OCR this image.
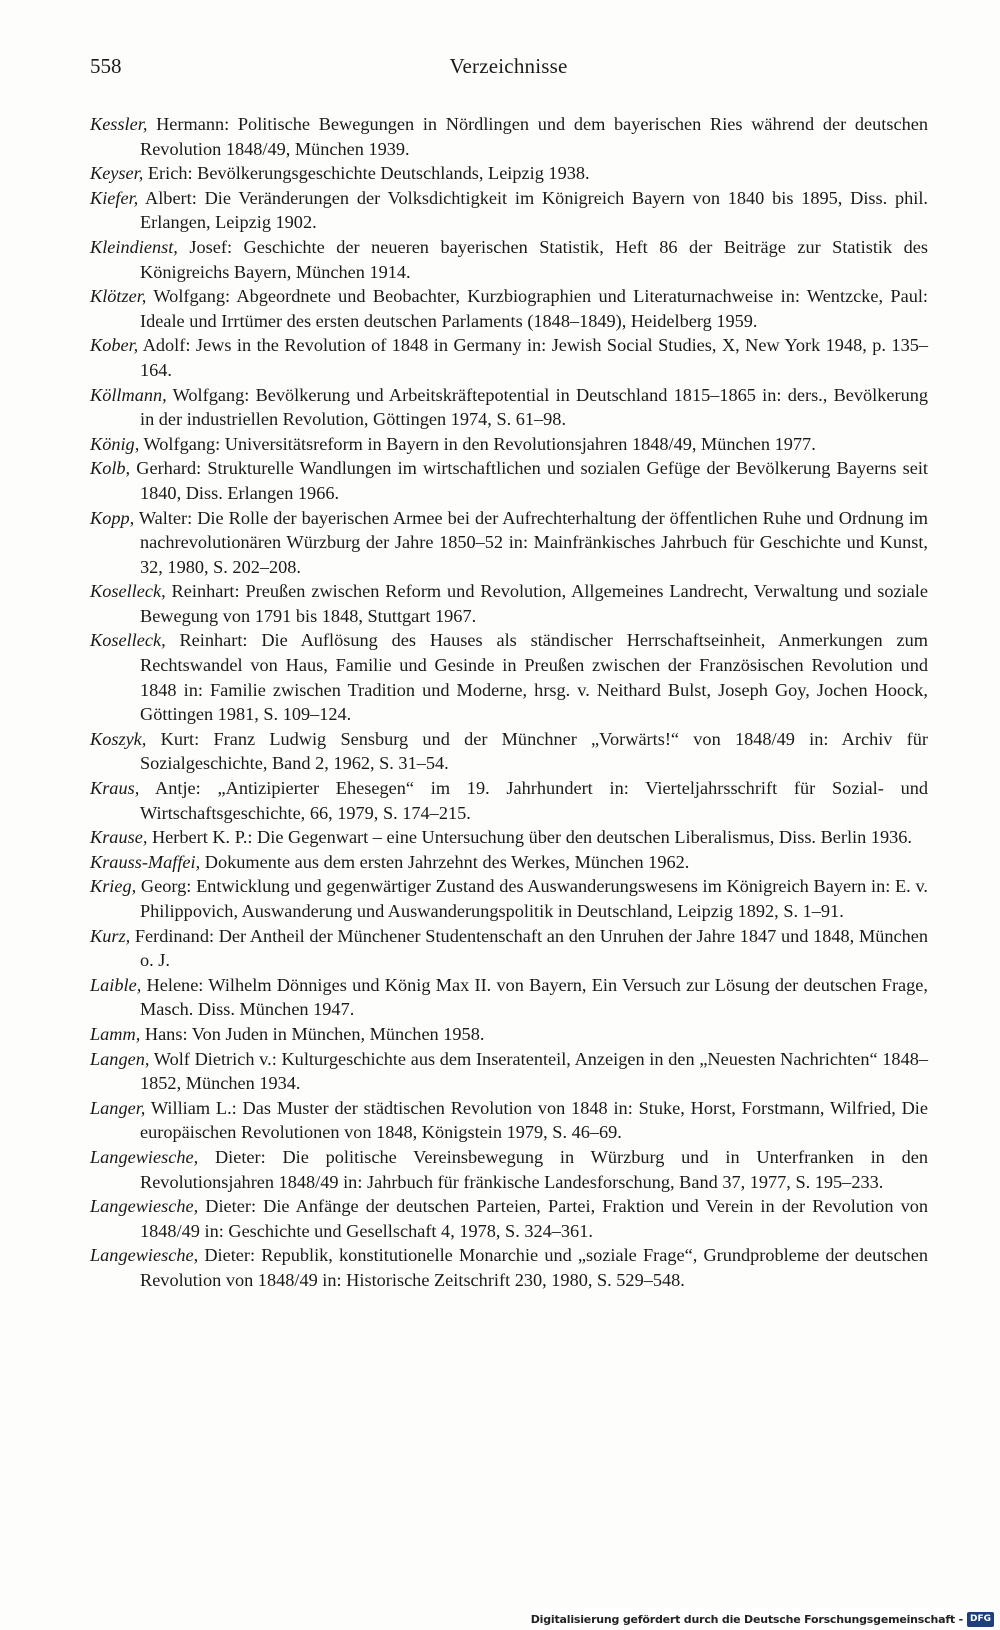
558	Verzeichnisse

Kessler, Hermann: Politische Bewegungen in Nördlingen und dem bayerischen Ries während der deutschen Revolution 1848/49, München 1939.

Keyser, Erich: Bevölkerungsgeschichte Deutschlands, Leipzig 1938.

Kiefer, Albert: Die Veränderungen der Volksdichtigkeit im Königreich Bayern von 1840 bis 1895, Diss. phil. Erlangen, Leipzig 1902.

Kleindienst, Josef: Geschichte der neueren bayerischen Statistik, Heft 86 der Beiträge zur Statistik des Königreichs Bayern, München 1914.

Klötzer, Wolfgang: Abgeordnete und Beobachter, Kurzbiographien und Literaturnachweise in: Wentzcke, Paul: Ideale und Irrtümer des ersten deutschen Parlaments (1848–1849), Heidelberg 1959.

Kober, Adolf: Jews in the Revolution of 1848 in Germany in: Jewish Social Studies, X, New York 1948, p. 135–164.

Köllmann, Wolfgang: Bevölkerung und Arbeitskräftepotential in Deutschland 1815–1865 in: ders., Bevölkerung in der industriellen Revolution, Göttingen 1974, S. 61–98.

König, Wolfgang: Universitätsreform in Bayern in den Revolutionsjahren 1848/49, München 1977.

Kolb, Gerhard: Strukturelle Wandlungen im wirtschaftlichen und sozialen Gefüge der Bevölkerung Bayerns seit 1840, Diss. Erlangen 1966.

Kopp, Walter: Die Rolle der bayerischen Armee bei der Aufrechterhaltung der öffentlichen Ruhe und Ordnung im nachrevolutionären Würzburg der Jahre 1850–52 in: Mainfränkisches Jahrbuch für Geschichte und Kunst, 32, 1980, S. 202–208.

Koselleck, Reinhart: Preußen zwischen Reform und Revolution, Allgemeines Landrecht, Verwaltung und soziale Bewegung von 1791 bis 1848, Stuttgart 1967.

Koselleck, Reinhart: Die Auflösung des Hauses als ständischer Herrschaftseinheit, Anmerkungen zum Rechtswandel von Haus, Familie und Gesinde in Preußen zwischen der Französischen Revolution und 1848 in: Familie zwischen Tradition und Moderne, hrsg. v. Neithard Bulst, Joseph Goy, Jochen Hoock, Göttingen 1981, S. 109–124.

Koszyk, Kurt: Franz Ludwig Sensburg und der Münchner „Vorwärts!“ von 1848/49 in: Archiv für Sozialgeschichte, Band 2, 1962, S. 31–54.

Kraus, Antje: „Antizipierter Ehesegen“ im 19. Jahrhundert in: Vierteljahrsschrift für Sozial- und Wirtschaftsgeschichte, 66, 1979, S. 174–215.

Krause, Herbert K. P.: Die Gegenwart – eine Untersuchung über den deutschen Liberalismus, Diss. Berlin 1936.

Krauss-Maffei, Dokumente aus dem ersten Jahrzehnt des Werkes, München 1962.

Krieg, Georg: Entwicklung und gegenwärtiger Zustand des Auswanderungswesens im Königreich Bayern in: E. v. Philippovich, Auswanderung und Auswanderungspolitik in Deutschland, Leipzig 1892, S. 1–91.

Kurz, Ferdinand: Der Antheil der Münchener Studentenschaft an den Unruhen der Jahre 1847 und 1848, München o. J.

Laible, Helene: Wilhelm Dönniges und König Max II. von Bayern, Ein Versuch zur Lösung der deutschen Frage, Masch. Diss. München 1947.

Lamm, Hans: Von Juden in München, München 1958.

Langen, Wolf Dietrich v.: Kulturgeschichte aus dem Inseratenteil, Anzeigen in den „Neuesten Nachrichten“ 1848–1852, München 1934.

Langer, William L.: Das Muster der städtischen Revolution von 1848 in: Stuke, Horst, Forstmann, Wilfried, Die europäischen Revolutionen von 1848, Königstein 1979, S. 46–69.

Langewiesche, Dieter: Die politische Vereinsbewegung in Würzburg und in Unterfranken in den Revolutionsjahren 1848/49 in: Jahrbuch für fränkische Landesforschung, Band 37, 1977, S. 195–233.

Langewiesche, Dieter: Die Anfänge der deutschen Parteien, Partei, Fraktion und Verein in der Revolution von 1848/49 in: Geschichte und Gesellschaft 4, 1978, S. 324–361.

Langewiesche, Dieter: Republik, konstitutionelle Monarchie und „soziale Frage“, Grundprobleme der deutschen Revolution von 1848/49 in: Historische Zeitschrift 230, 1980, S. 529–548.

Digitalisierung gefördert durch die Deutsche Forschungsgemeinschaft - DFG
